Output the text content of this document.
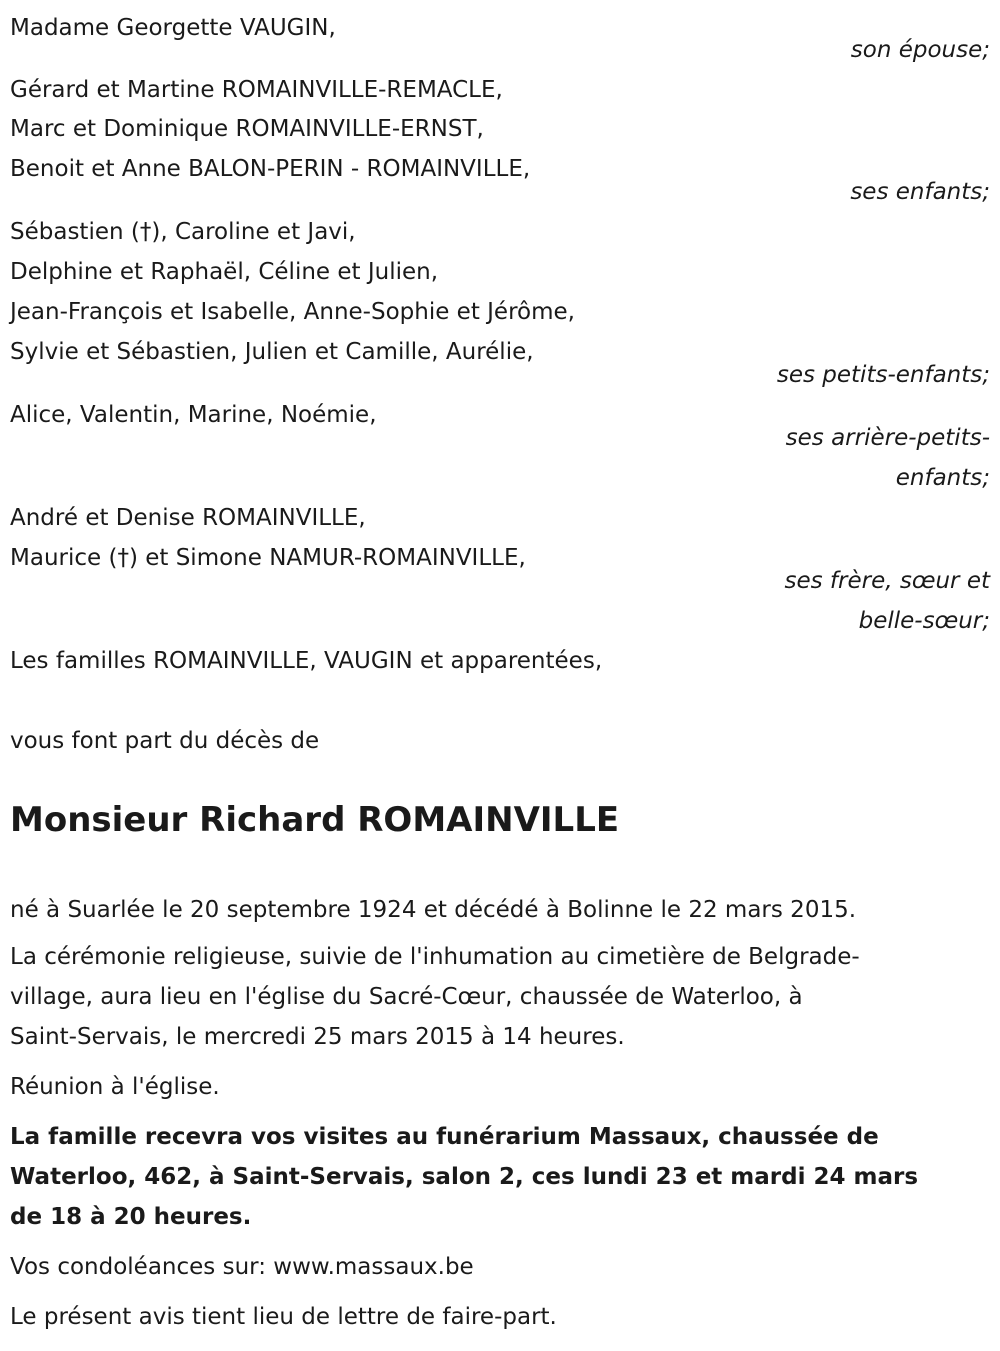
Madame Georgette VAUGIN,
son épouse;
Gérard et Martine ROMAINVILLE-REMACLE,
Marc et Dominique ROMAINVILLE-ERNST,
Benoit et Anne BALON-PERIN - ROMAINVILLE,
ses enfants;
Sébastien (†), Caroline et Javi,
Delphine et Raphaël, Céline et Julien,
Jean-François et Isabelle, Anne-Sophie et Jérôme,
Sylvie et Sébastien, Julien et Camille, Aurélie,
ses petits-enfants;
Alice, Valentin, Marine, Noémie,
ses arrière-petits-
enfants;
André et Denise ROMAINVILLE,
Maurice (†) et Simone NAMUR-ROMAINVILLE,
ses frère, sœur et
belle-sœur;
Les familles ROMAINVILLE, VAUGIN et apparentées,
vous font part du décès de
Monsieur Richard ROMAINVILLE
né à Suarlée le 20 septembre 1924 et décédé à Bolinne le 22 mars 2015.
La cérémonie religieuse, suivie de l'inhumation au cimetière de Belgrade-
village, aura lieu en l'église du Sacré-Cœur, chaussée de Waterloo, à
Saint-Servais, le mercredi 25 mars 2015 à 14 heures.
Réunion à l'église.
La famille recevra vos visites au funérarium Massaux, chaussée de
Waterloo, 462, à Saint-Servais, salon 2, ces lundi 23 et mardi 24 mars
de 18 à 20 heures.
Vos condoléances sur: www.massaux.be
Le présent avis tient lieu de lettre de faire-part.
